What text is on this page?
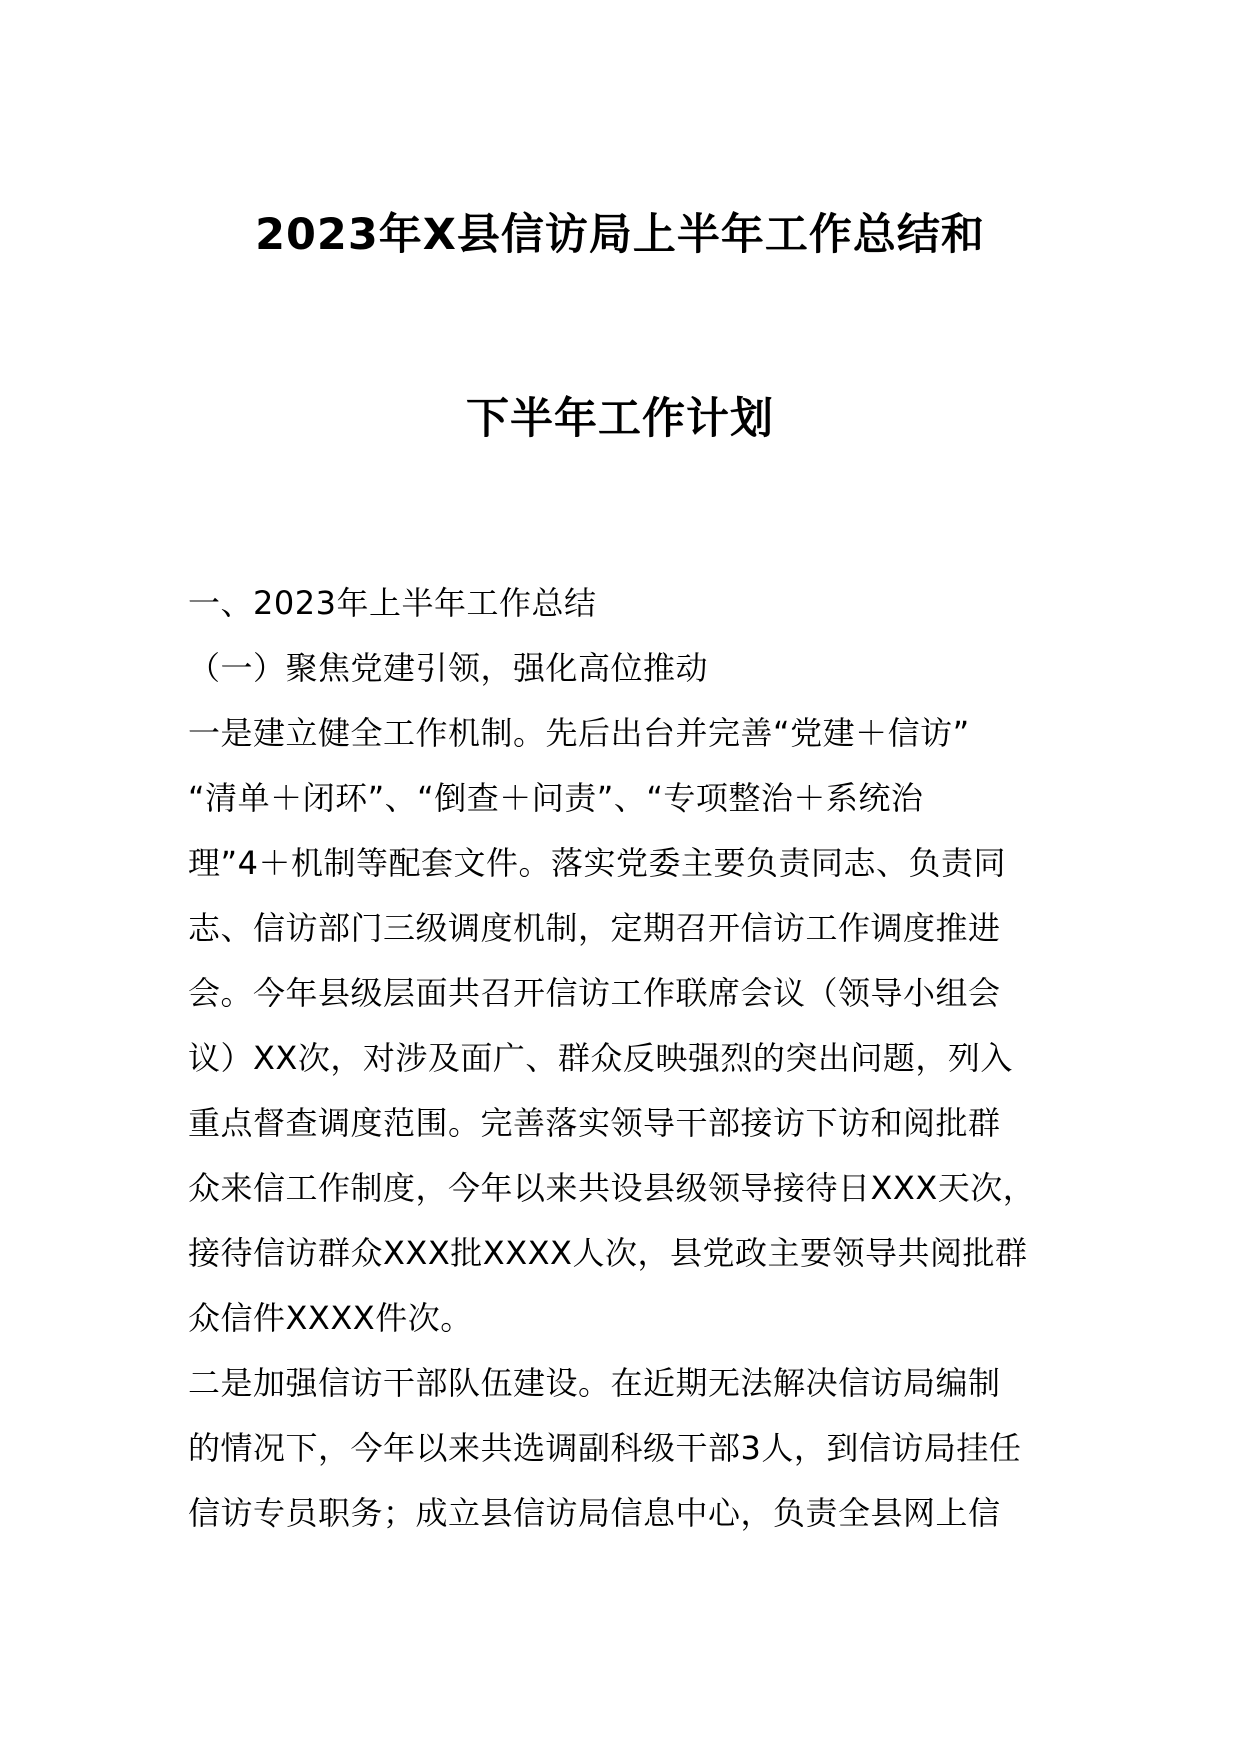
2023年X县信访局上半年工作总结和
下半年工作计划
一、2023年上半年工作总结
（一）聚焦党建引领，强化高位推动
一是建立健全工作机制。先后出台并完善“党建＋信访”
“清单＋闭环”、“倒查＋问责”、“专项整治＋系统治
理”4＋机制等配套文件。落实党委主要负责同志、负责同
志、信访部门三级调度机制，定期召开信访工作调度推进
会。今年县级层面共召开信访工作联席会议（领导小组会
议）XX次，对涉及面广、群众反映强烈的突出问题，列入
重点督查调度范围。完善落实领导干部接访下访和阅批群
众来信工作制度，今年以来共设县级领导接待日XXX天次，
接待信访群众XXX批XXXX人次，县党政主要领导共阅批群
众信件XXXX件次。
二是加强信访干部队伍建设。在近期无法解决信访局编制
的情况下，今年以来共选调副科级干部3人，到信访局挂任
信访专员职务；成立县信访局信息中心，负责全县网上信
